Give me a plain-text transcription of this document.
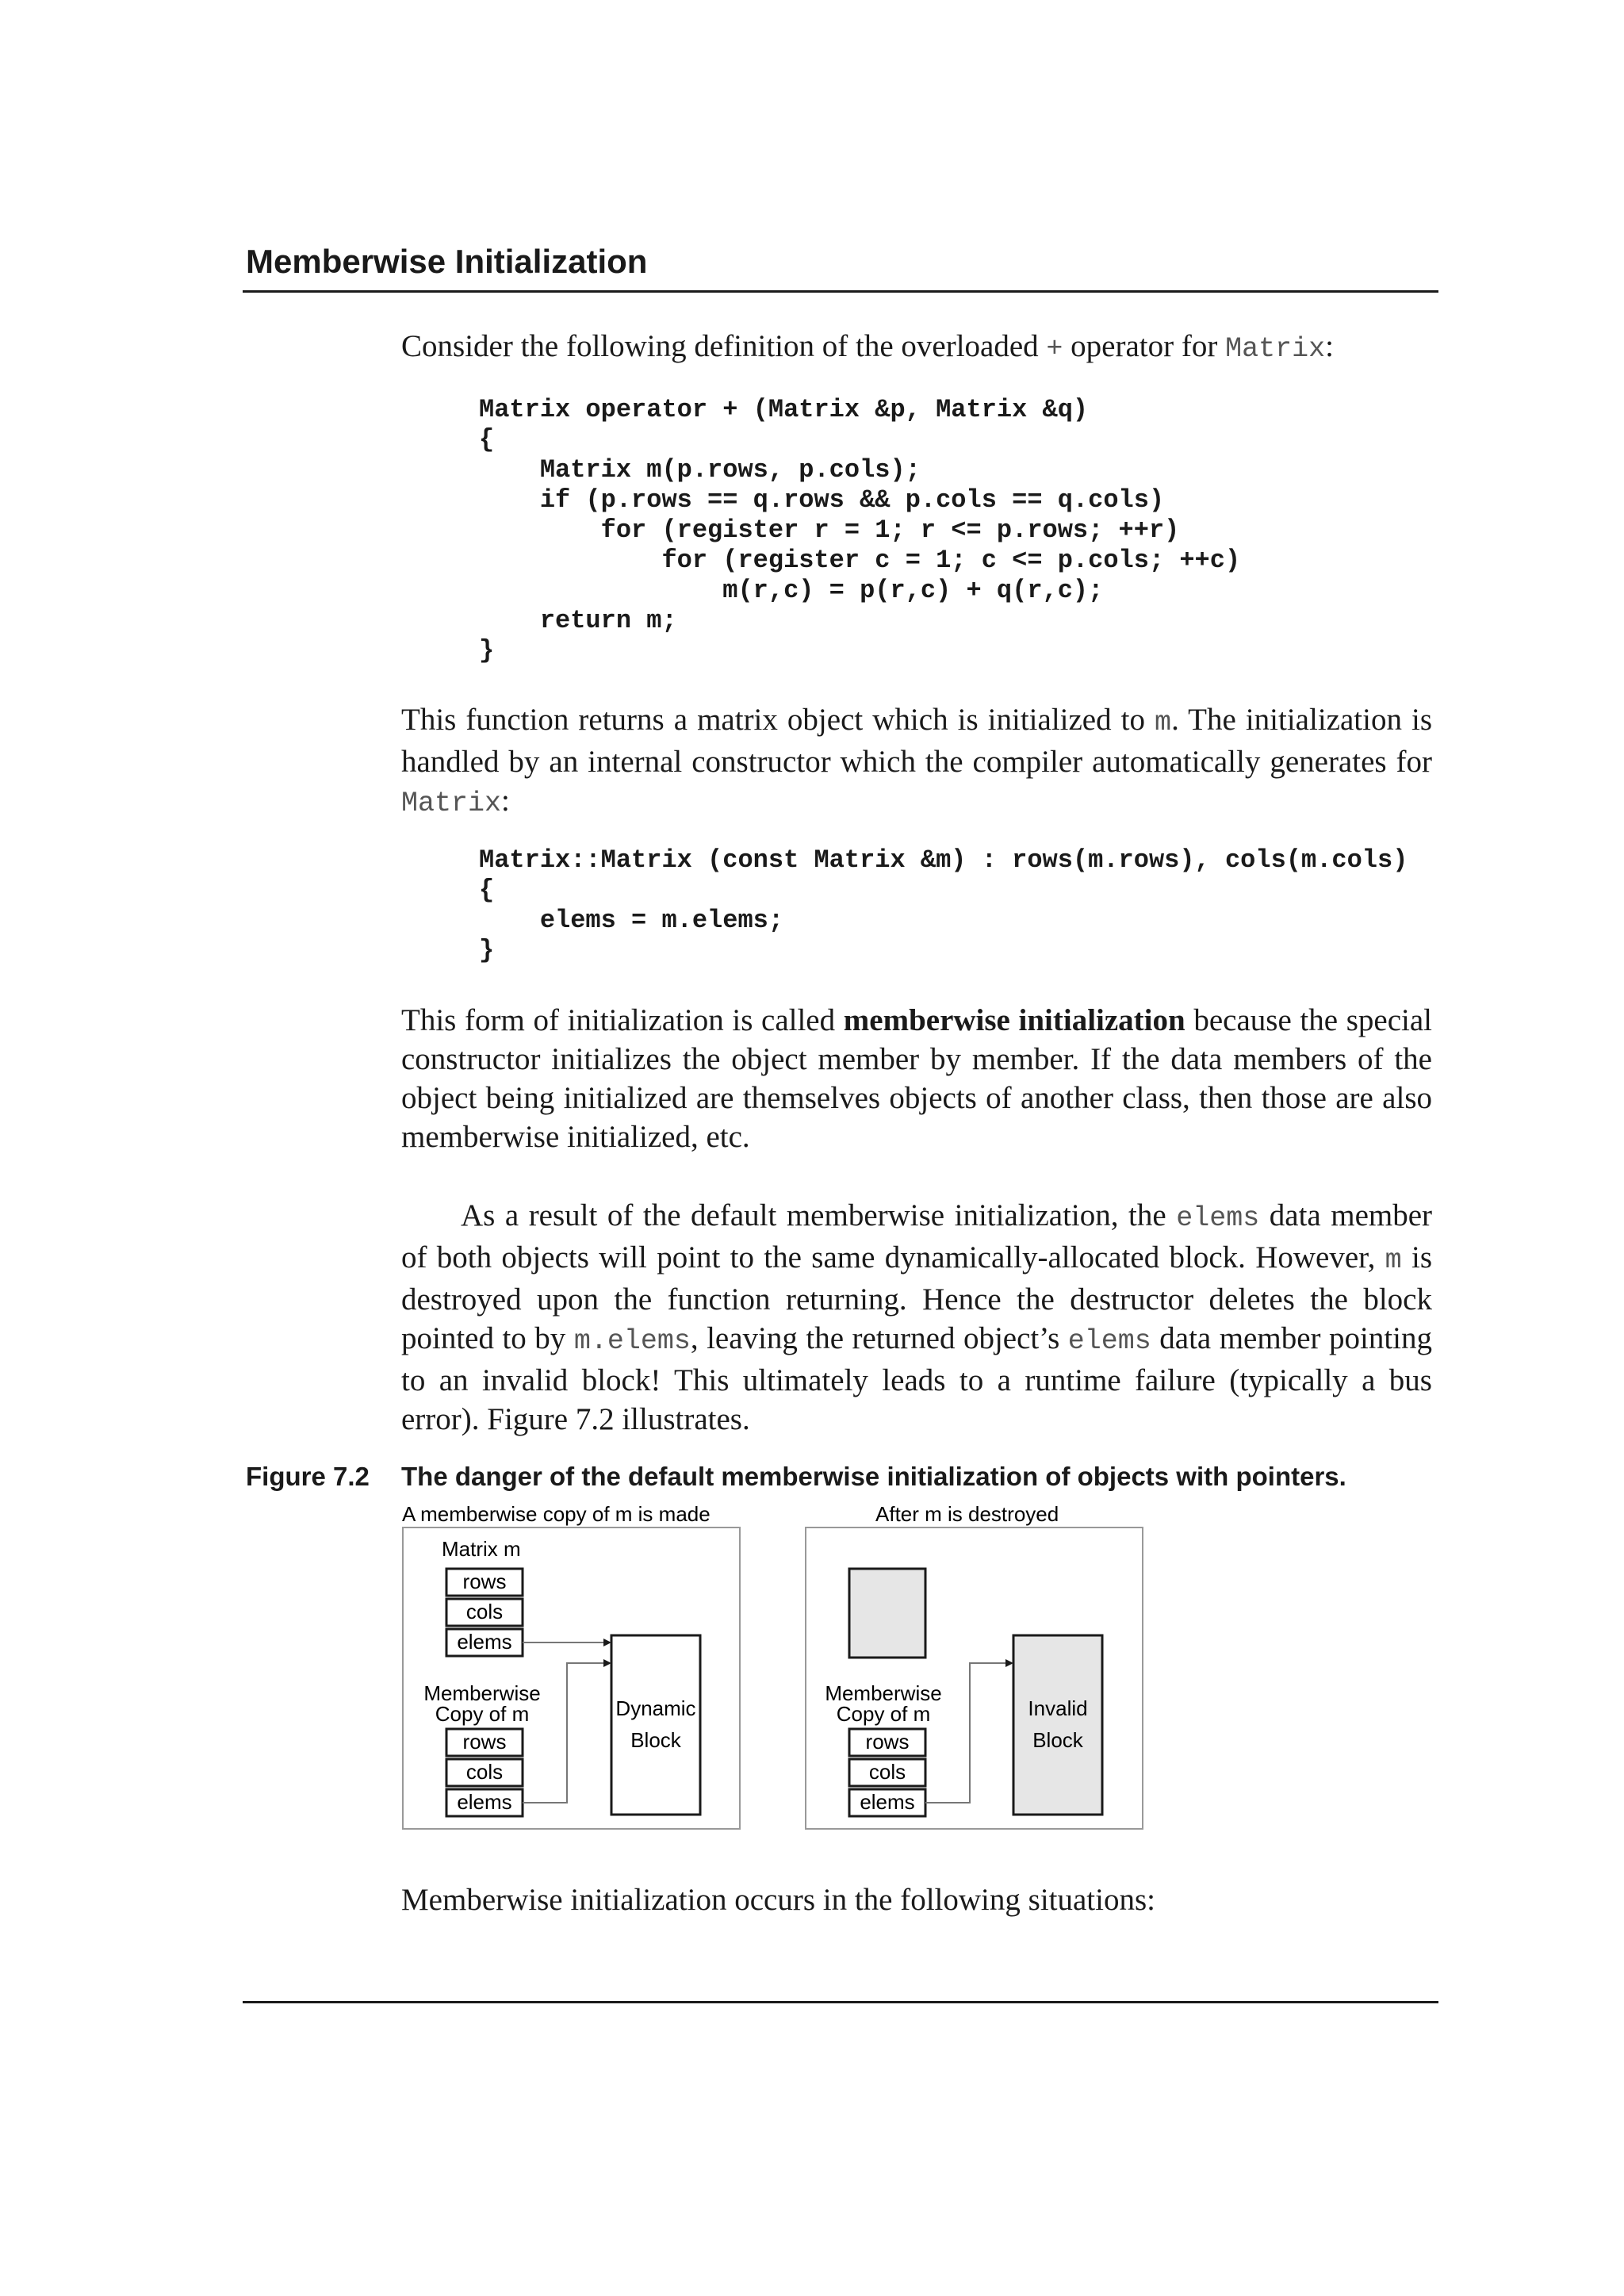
Memberwise Initialization

Consider the following definition of the overloaded + operator for Matrix:

Matrix operator + (Matrix &p, Matrix &q)
{
Matrix m(p.rows, p.cols);
if (p.rows == q.rows && p.cols == q.cols)
for (register r = 1; r <= p.rows; ++r)
for (register c = 1; c <= p.cols; ++c)
m(r,c) = p(r,c) + q(r,c);
return m;
}

This function returns a matrix object which is initialized to m. The initialization is handled by an internal constructor which the compiler automatically generates for Matrix:

Matrix::Matrix (const Matrix &m) : rows(m.rows), cols(m.cols)
{
elems = m.elems;
}

This form of initialization is called memberwise initialization because the special constructor initializes the object member by member. If the data members of the object being initialized are themselves objects of another class, then those are also memberwise initialized, etc.

As a result of the default memberwise initialization, the elems data member of both objects will point to the same dynamically-allocated block. However, m is destroyed upon the function returning. Hence the destructor deletes the block pointed to by m.elems, leaving the returned object’s elems data member pointing to an invalid block! This ultimately leads to a runtime failure (typically a bus error). Figure 7.2 illustrates.

Figure 7.2 The danger of the default memberwise initialization of objects with pointers.

A memberwise copy of m is made
Matrix m
rows
cols
elems
Memberwise
Copy of m
rows
cols
elems
Dynamic
Block
After m is destroyed
Memberwise
Copy of m
rows
cols
elems
Invalid
Block

Memberwise initialization occurs in the following situations:
